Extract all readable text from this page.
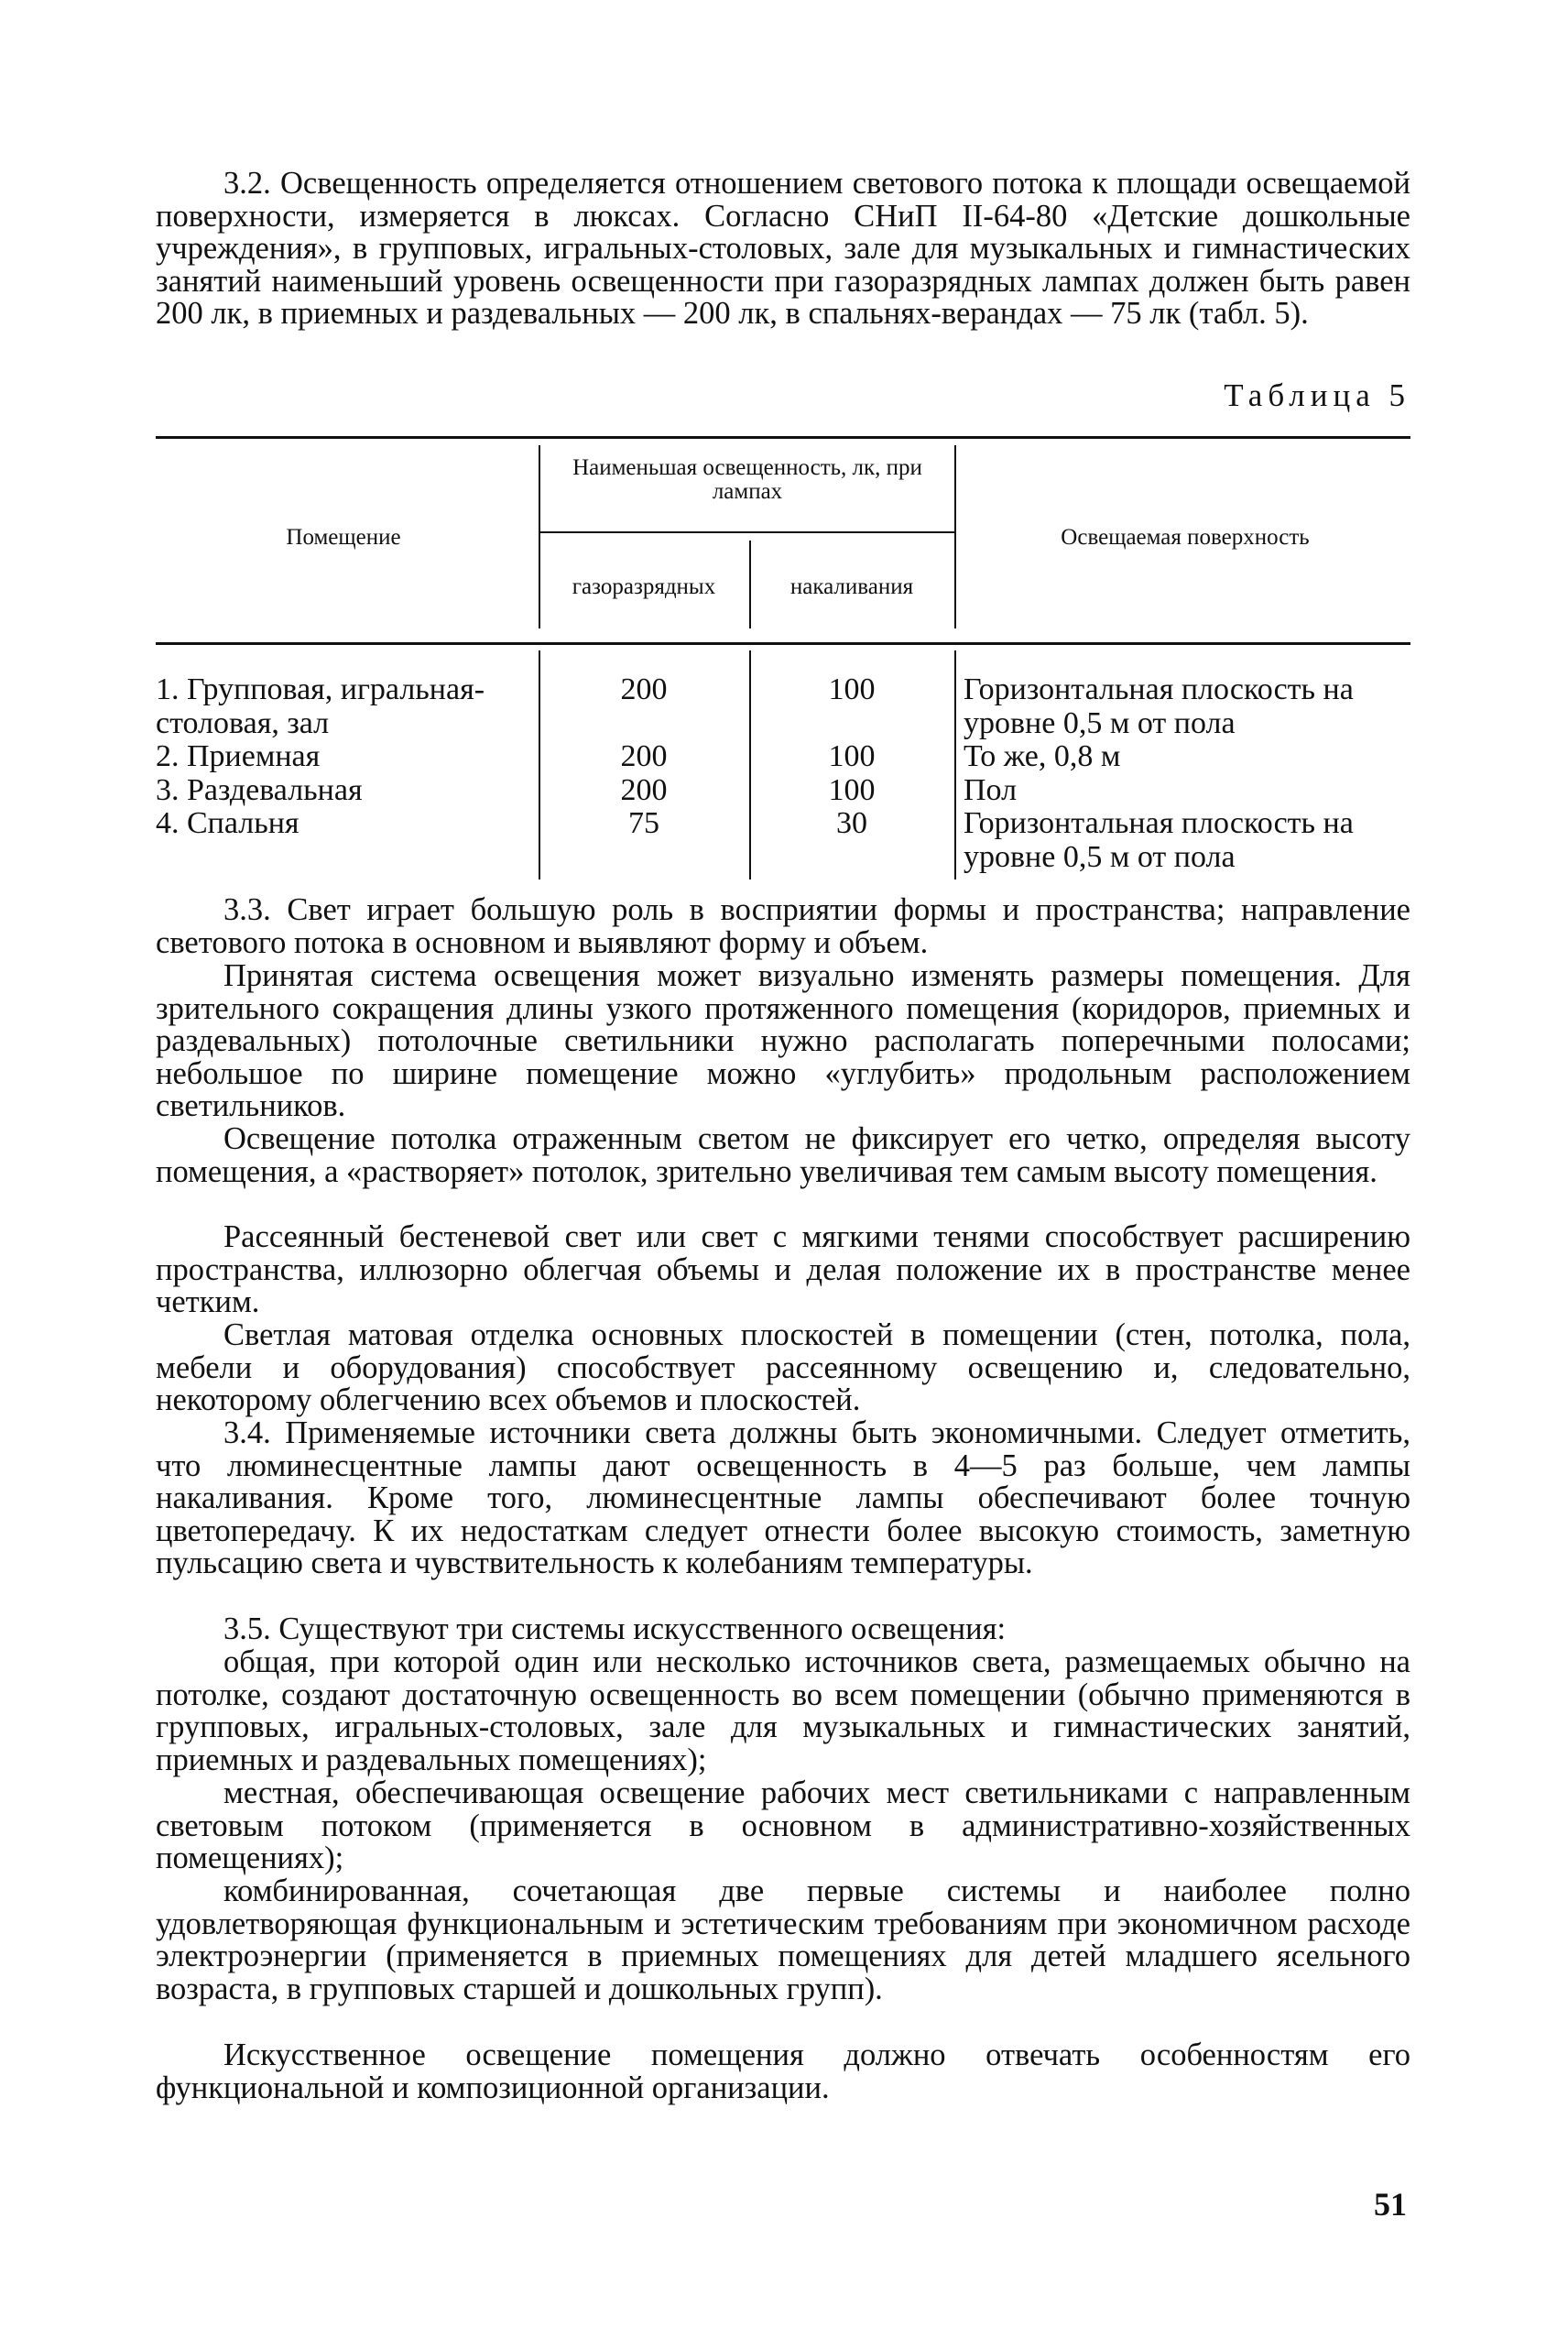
3.2. Освещенность определяется отношением светового потока к площади освещаемой поверхности, измеряется в люксах. Согласно СНиП II-64-80 «Детские дошкольные учреждения», в групповых, игральных-столовых, зале для музыкальных и гимнастических занятий наименьший уровень освещенности при газоразрядных лампах должен быть равен 200 лк, в приемных и раздевальных — 200 лк, в спальнях-верандах — 75 лк (табл. 5).

Таблица 5

Помещение

Наименьшая освещенность, лк, при лампах

газоразрядных	накаливания

Освещаемая поверхность

1. Групповая, игральная-столовая, зал
2. Приемная
3. Раздевальная
4. Спальня

200

200
200
75

100

100
100
30

Горизонтальная плоскость на уровне 0,5 м от пола
То же, 0,8 м
Пол
Горизонтальная плоскость на уровне 0,5 м от пола

3.3. Свет играет большую роль в восприятии формы и пространства; направление светового потока в основном и выявляют форму и объем.

Принятая система освещения может визуально изменять размеры помещения. Для зрительного сокращения длины узкого протяженного помещения (коридоров, приемных и раздевальных) потолочные светильники нужно располагать поперечными полосами; небольшое по ширине помещение можно «углубить» продольным расположением светильников.

Освещение потолка отраженным светом не фиксирует его четко, определяя высоту помещения, а «растворяет» потолок, зрительно увеличивая тем самым высоту помещения.

Рассеянный бестеневой свет или свет с мягкими тенями способствует расширению пространства, иллюзорно облегчая объемы и делая положение их в пространстве менее четким.

Светлая матовая отделка основных плоскостей в помещении (стен, потолка, пола, мебели и оборудования) способствует рассеянному освещению и, следовательно, некоторому облегчению всех объемов и плоскостей.

3.4. Применяемые источники света должны быть экономичными. Следует отметить, что люминесцентные лампы дают освещенность в 4—5 раз больше, чем лампы накаливания. Кроме того, люминесцентные лампы обеспечивают более точную цветопередачу. К их недостаткам следует отнести более высокую стоимость, заметную пульсацию света и чувствительность к колебаниям температуры.

3.5. Существуют три системы искусственного освещения:

общая, при которой один или несколько источников света, размещаемых обычно на потолке, создают достаточную освещенность во всем помещении (обычно применяются в групповых, игральных-столовых, зале для музыкальных и гимнастических занятий, приемных и раздевальных помещениях);

местная, обеспечивающая освещение рабочих мест светильниками с направленным световым потоком (применяется в основном в административно-хозяйственных помещениях);

комбинированная, сочетающая две первые системы и наиболее полно удовлетворяющая функциональным и эстетическим требованиям при экономичном расходе электроэнергии (применяется в приемных помещениях для детей младшего ясельного возраста, в групповых старшей и дошкольных групп).

Искусственное освещение помещения должно отвечать особенностям его функциональной и композиционной организации.

51
